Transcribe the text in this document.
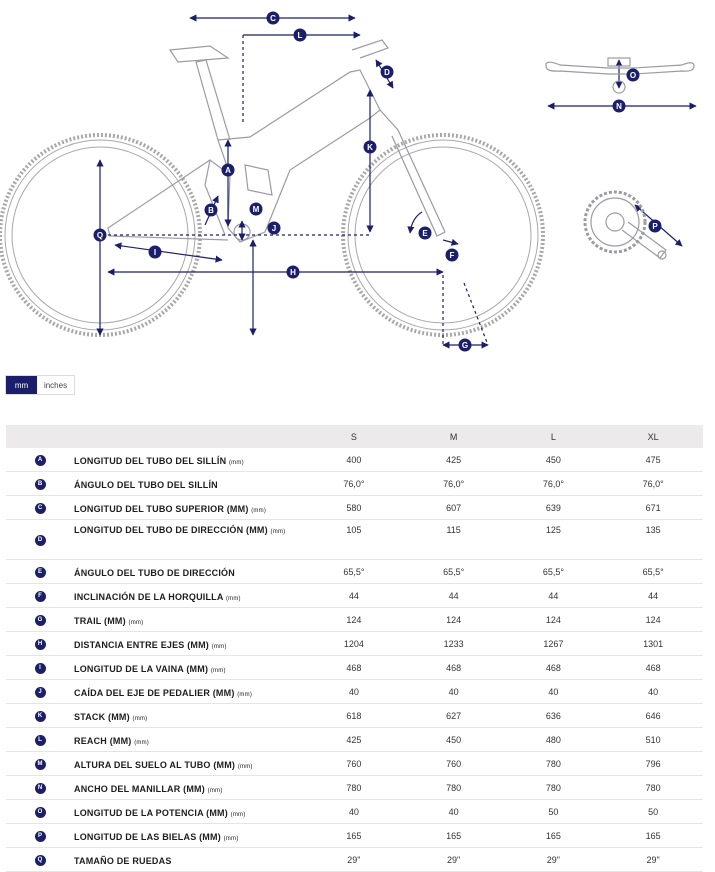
A
B
C
D
E
F
G
H
I
J
K
L
M
N
O
P
Q
mm	inches
		S	M	L	XL
A	LONGITUD DEL TUBO DEL SILLÍN (mm)	400	425	450	475
B	ÁNGULO DEL TUBO DEL SILLÍN	76,0°	76,0°	76,0°	76,0°
C	LONGITUD DEL TUBO SUPERIOR (MM) (mm)	580	607	639	671
D	LONGITUD DEL TUBO DE DIRECCIÓN (MM) (mm)	105	115	125	135
E	ÁNGULO DEL TUBO DE DIRECCIÓN	65,5°	65,5°	65,5°	65,5°
F	INCLINACIÓN DE LA HORQUILLA (mm)	44	44	44	44
G	TRAIL (MM) (mm)	124	124	124	124
H	DISTANCIA ENTRE EJES (MM) (mm)	1204	1233	1267	1301
I	LONGITUD DE LA VAINA (MM) (mm)	468	468	468	468
J	CAÍDA DEL EJE DE PEDALIER (MM) (mm)	40	40	40	40
K	STACK (MM) (mm)	618	627	636	646
L	REACH (MM) (mm)	425	450	480	510
M	ALTURA DEL SUELO AL TUBO (MM) (mm)	760	760	780	796
N	ANCHO DEL MANILLAR (MM) (mm)	780	780	780	780
O	LONGITUD DE LA POTENCIA (MM) (mm)	40	40	50	50
P	LONGITUD DE LAS BIELAS (MM) (mm)	165	165	165	165
Q	TAMAÑO DE RUEDAS	29"	29"	29"	29"
